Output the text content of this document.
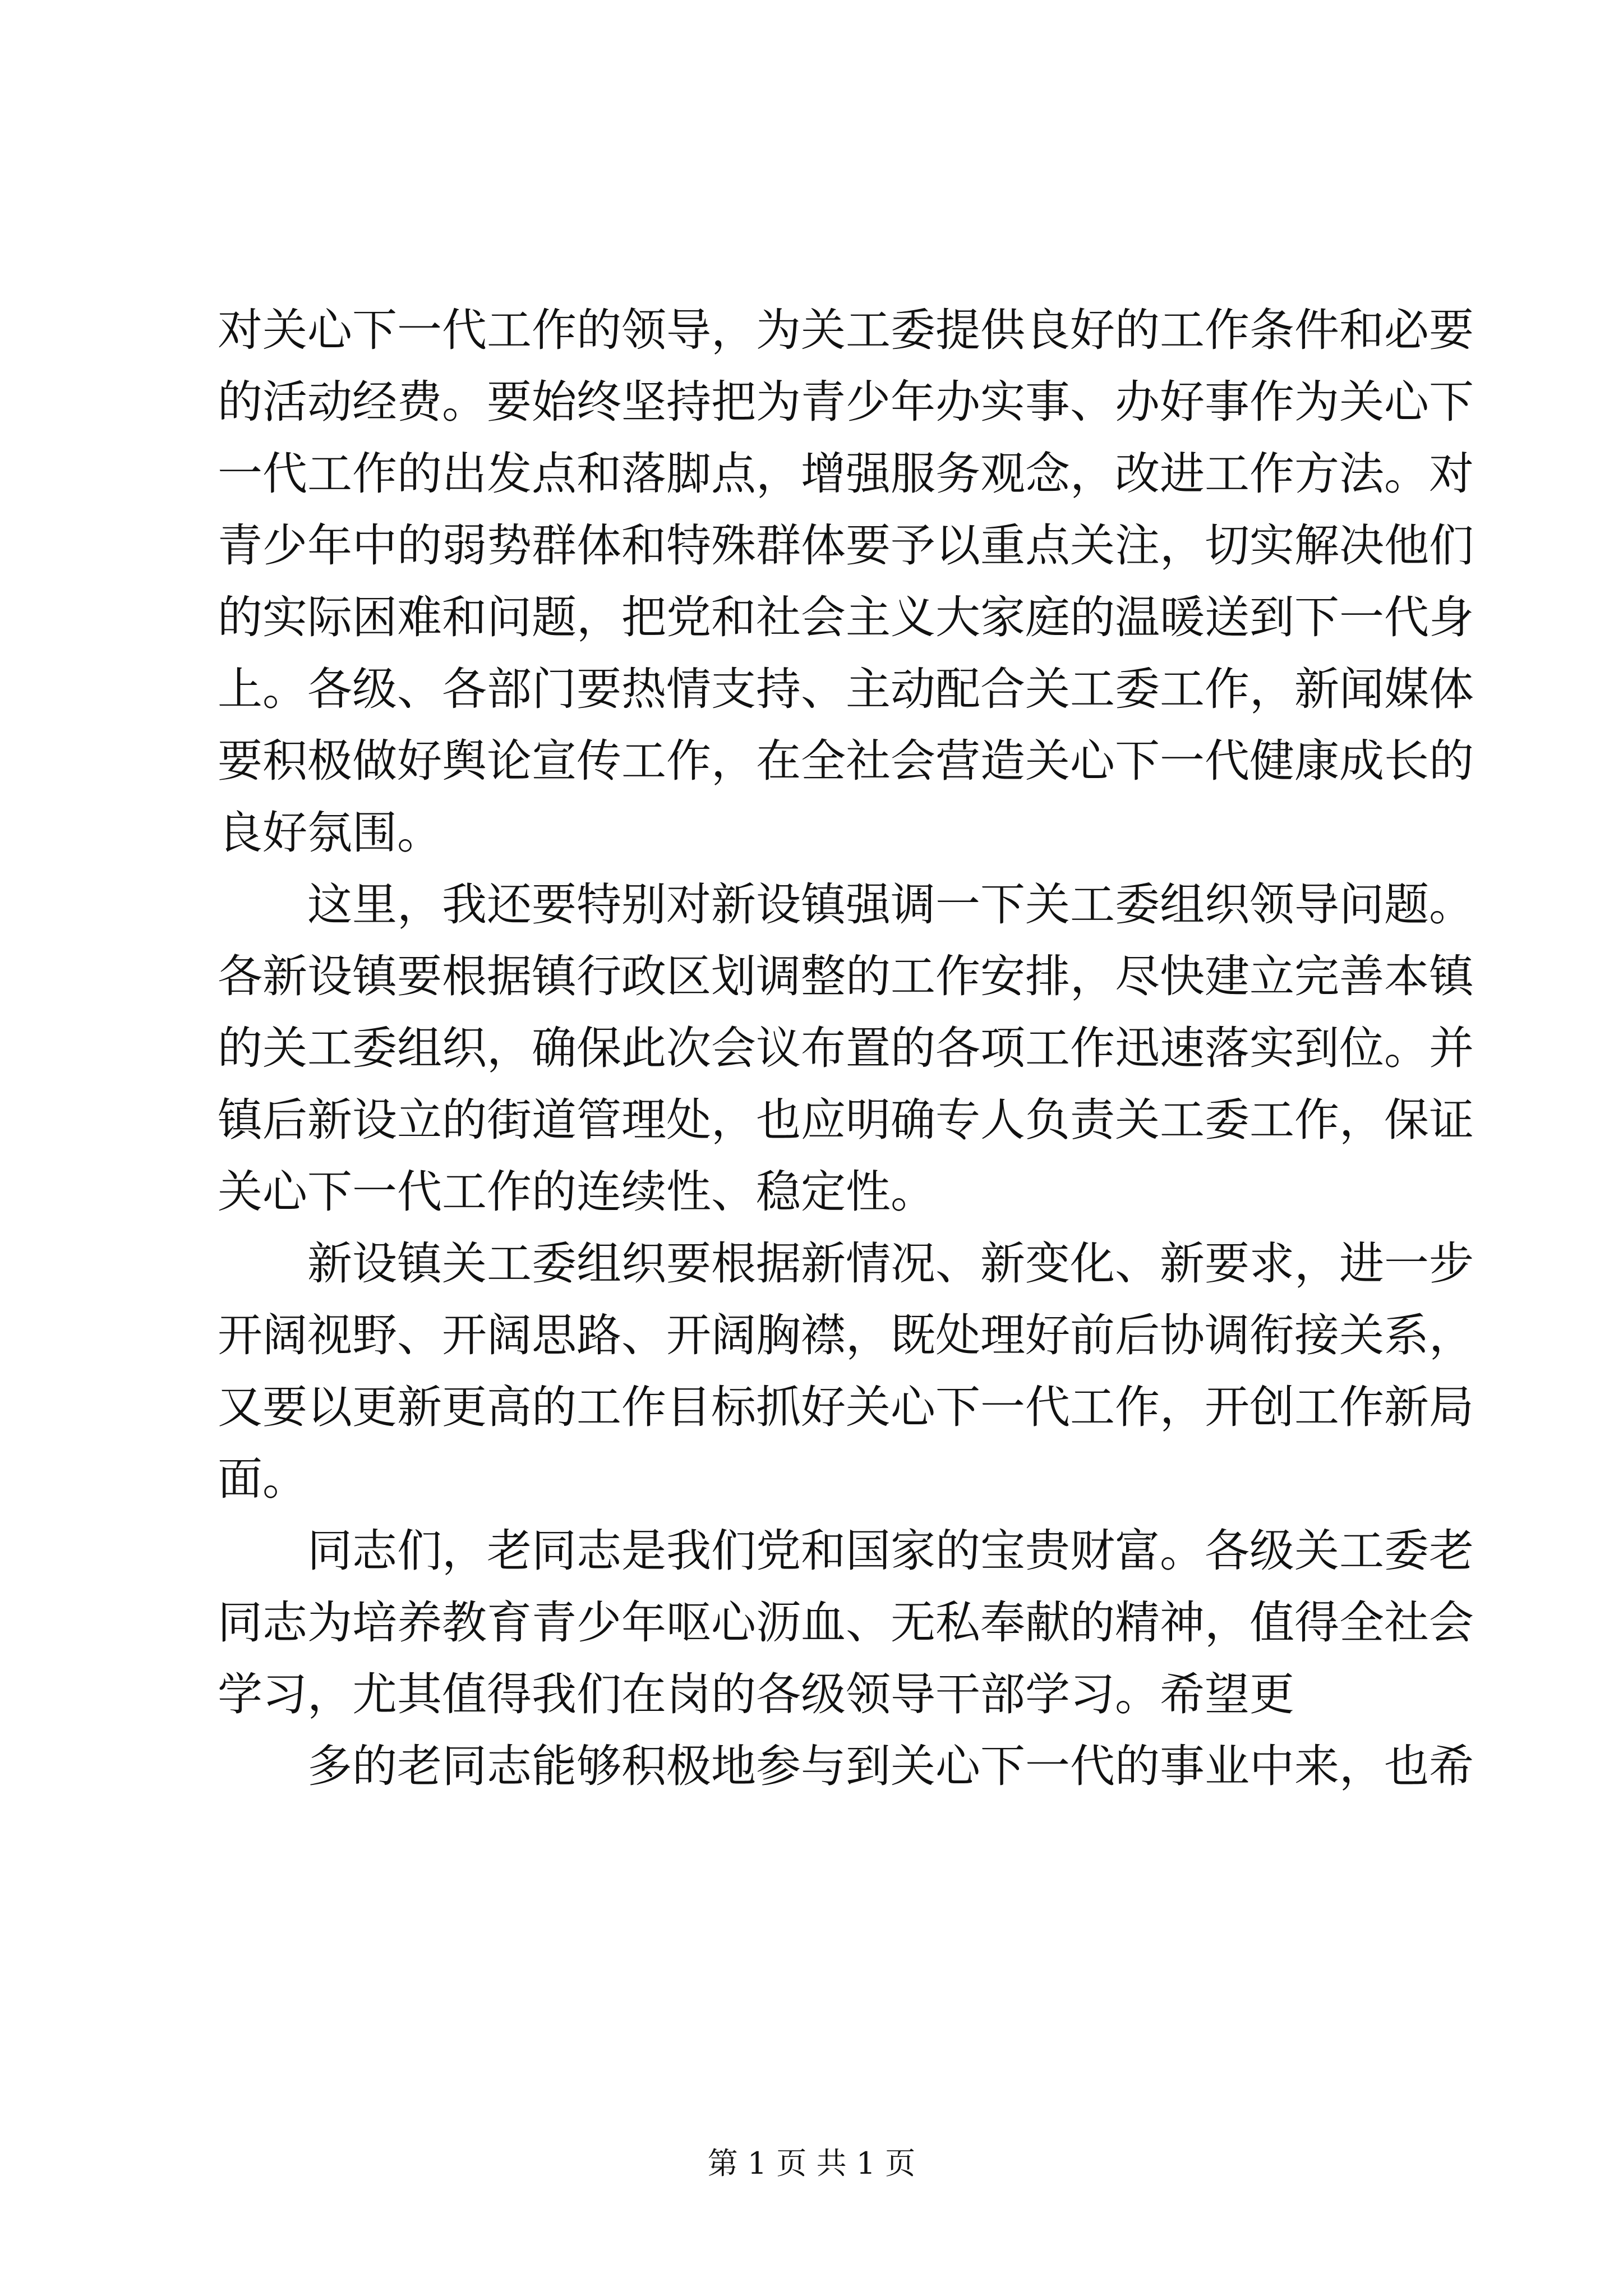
对关心下一代工作的领导，为关工委提供良好的工作条件和必要
的活动经费。要始终坚持把为青少年办实事、办好事作为关心下
一代工作的出发点和落脚点，增强服务观念，改进工作方法。对
青少年中的弱势群体和特殊群体要予以重点关注，切实解决他们
的实际困难和问题，把党和社会主义大家庭的温暖送到下一代身
上。各级、各部门要热情支持、主动配合关工委工作，新闻媒体
要积极做好舆论宣传工作，在全社会营造关心下一代健康成长的
良好氛围。
这里，我还要特别对新设镇强调一下关工委组织领导问题。
各新设镇要根据镇行政区划调整的工作安排，尽快建立完善本镇
的关工委组织，确保此次会议布置的各项工作迅速落实到位。并
镇后新设立的街道管理处，也应明确专人负责关工委工作，保证
关心下一代工作的连续性、稳定性。
新设镇关工委组织要根据新情况、新变化、新要求，进一步
开阔视野、开阔思路、开阔胸襟，既处理好前后协调衔接关系，
又要以更新更高的工作目标抓好关心下一代工作，开创工作新局
面。
同志们，老同志是我们党和国家的宝贵财富。各级关工委老
同志为培养教育青少年呕心沥血、无私奉献的精神，值得全社会
学习，尤其值得我们在岗的各级领导干部学习。希望更
多的老同志能够积极地参与到关心下一代的事业中来，也希
第 1 页 共 1 页
